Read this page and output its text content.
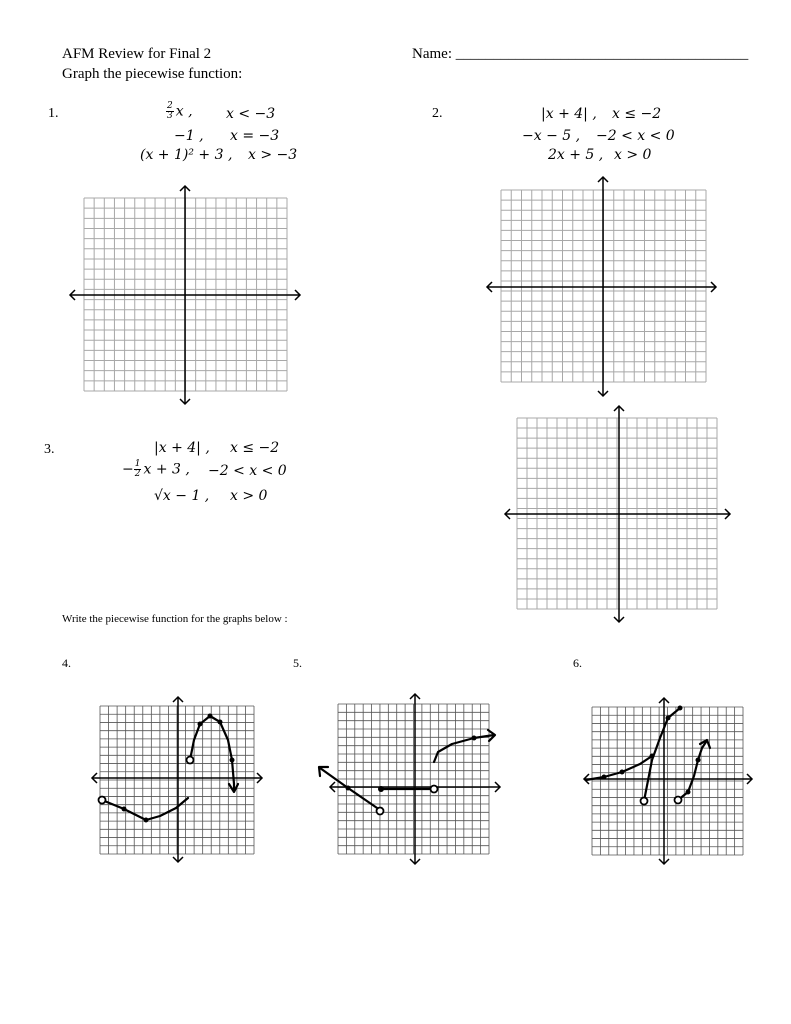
AFM Review for Final 2
Graph the piecewise function:
Name: _______________________________________
1.	$\frac{2}{3}$ x , x < −3
−1 , x = −3
(x + 1)² + 3 , x > −3
2.	|x + 4| , x ≤ −2
−x − 5 , −2 < x < 0
2x + 5 , x > 0
3.	|x + 4| , x ≤ −2
− $\frac{1}{2}$ x + 3 , −2 < x < 0
√x − 1 , x > 0
Write the piecewise function for the graphs below :
4.	5.	6.
